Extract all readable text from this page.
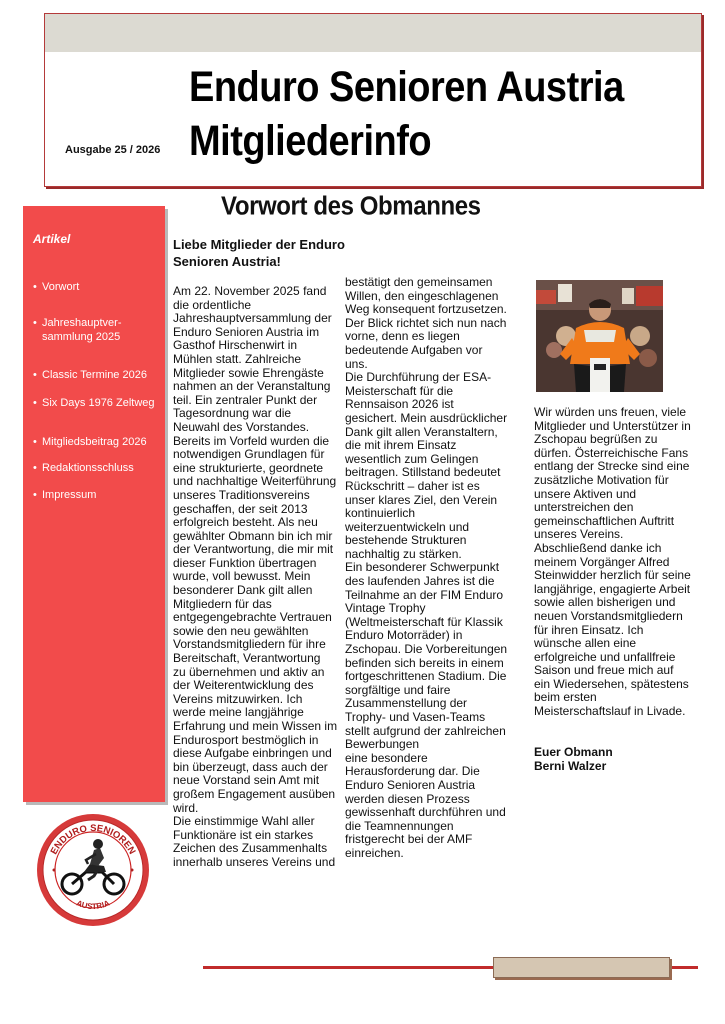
Enduro Senioren Austria
Mitgliederinfo
Ausgabe 25 / 2026
Vorwort des Obmannes
Artikel
• Vorwort
• Jahreshauptver-
sammlung 2025
• Classic Termine 2026
• Six Days 1976 Zeltweg
• Mitgliedsbeitrag 2026
• Redaktionsschluss
• Impressum
ENDURO SENIOREN
AUSTRIA
Liebe Mitglieder der Enduro Senioren Austria!

Am 22. November 2025 fand
die ordentliche
Jahreshauptversammlung der
Enduro Senioren Austria im
Gasthof Hirschenwirt in
Mühlen statt. Zahlreiche
Mitglieder sowie Ehrengäste
nahmen an der Veranstaltung
teil. Ein zentraler Punkt der
Tagesordnung war die
Neuwahl des Vorstandes.
Bereits im Vorfeld wurden die
notwendigen Grundlagen für
eine strukturierte, geordnete
und nachhaltige Weiterführung
unseres Traditionsvereins
geschaffen, der seit 2013
erfolgreich besteht. Als neu
gewählter Obmann bin ich mir
der Verantwortung, die mir mit
dieser Funktion übertragen
wurde, voll bewusst. Mein
besonderer Dank gilt allen
Mitgliedern für das
entgegengebrachte Vertrauen
sowie den neu gewählten
Vorstandsmitgliedern für ihre
Bereitschaft, Verantwortung
zu übernehmen und aktiv an
der Weiterentwicklung des
Vereins mitzuwirken. Ich
werde meine langjährige
Erfahrung und mein Wissen im
Endurosport bestmöglich in
diese Aufgabe einbringen und
bin überzeugt, dass auch der
neue Vorstand sein Amt mit
großem Engagement ausüben
wird.
Die einstimmige Wahl aller
Funktionäre ist ein starkes
Zeichen des Zusammenhalts
innerhalb unseres Vereins und

bestätigt den gemeinsamen
Willen, den eingeschlagenen
Weg konsequent fortzusetzen.
Der Blick richtet sich nun nach
vorne, denn es liegen
bedeutende Aufgaben vor
uns.
Die Durchführung der ESA-
Meisterschaft für die
Rennsaison 2026 ist
gesichert. Mein ausdrücklicher
Dank gilt allen Veranstaltern,
die mit ihrem Einsatz
wesentlich zum Gelingen
beitragen. Stillstand bedeutet
Rückschritt – daher ist es
unser klares Ziel, den Verein
kontinuierlich
weiterzuentwickeln und
bestehende Strukturen
nachhaltig zu stärken.
Ein besonderer Schwerpunkt
des laufenden Jahres ist die
Teilnahme an der FIM Enduro
Vintage Trophy
(Weltmeisterschaft für Klassik
Enduro Motorräder) in
Zschopau. Die Vorbereitungen
befinden sich bereits in einem
fortgeschrittenen Stadium. Die
sorgfältige und faire
Zusammenstellung der
Trophy- und Vasen-Teams
stellt aufgrund der zahlreichen
Bewerbungen
eine besondere
Herausforderung dar. Die
Enduro Senioren Austria
werden diesen Prozess
gewissenhaft durchführen und
die Teamnennungen
fristgerecht bei der AMF
einreichen.

Wir würden uns freuen, viele
Mitglieder und Unterstützer in
Zschopau begrüßen zu
dürfen. Österreichische Fans
entlang der Strecke sind eine
zusätzliche Motivation für
unsere Aktiven und
unterstreichen den
gemeinschaftlichen Auftritt
unseres Vereins.
Abschließend danke ich
meinem Vorgänger Alfred
Steinwidder herzlich für seine
langjährige, engagierte Arbeit
sowie allen bisherigen und
neuen Vorstandsmitgliedern
für ihren Einsatz. Ich
wünsche allen eine
erfolgreiche und unfallfreie
Saison und freue mich auf
ein Wiedersehen, spätestens
beim ersten
Meisterschaftslauf in Livade.

Euer Obmann
Berni Walzer
